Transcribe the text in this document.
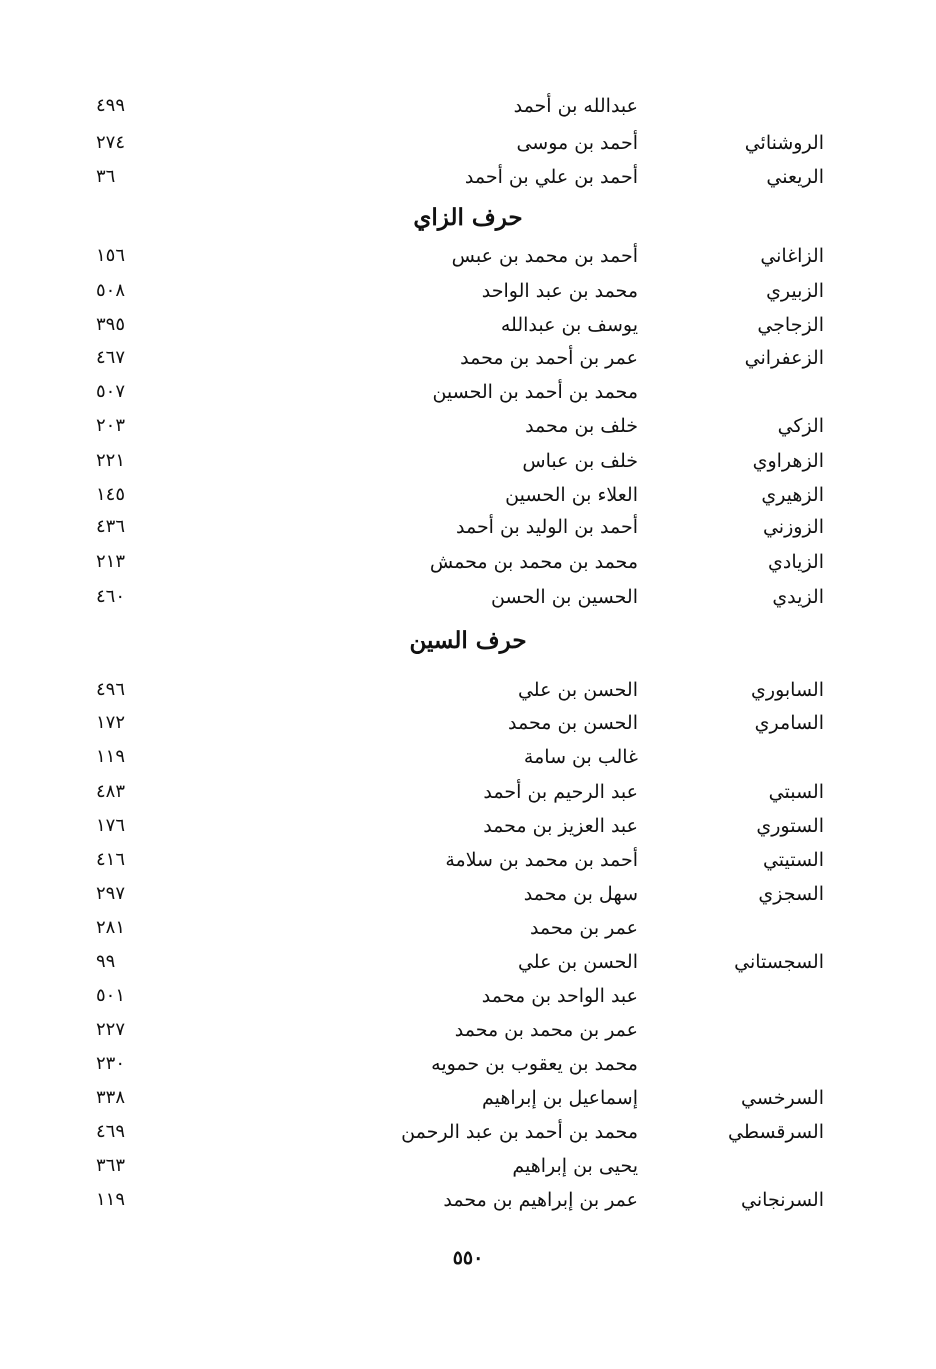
عبدالله بن أحمد
٤٩٩
الروشنائي
أحمد بن موسى
٢٧٤
الريعني
أحمد بن علي بن أحمد
٣٦
حرف الزاي
الزاغاني
أحمد بن محمد بن عبس
١٥٦
الزبيري
محمد بن عبد الواحد
٥٠٨
الزجاجي
يوسف بن عبدالله
٣٩٥
الزعفراني
عمر بن أحمد بن محمد
٤٦٧
محمد بن أحمد بن الحسين
٥٠٧
الزكي
خلف بن محمد
٢٠٣
الزهراوي
خلف بن عباس
٢٢١
الزهيري
العلاء بن الحسين
١٤٥
الزوزني
أحمد بن الوليد بن أحمد
٤٣٦
الزيادي
محمد بن محمد بن محمش
٢١٣
الزيدي
الحسين بن الحسن
٤٦٠
حرف السين
السابوري
الحسن بن علي
٤٩٦
السامري
الحسن بن محمد
١٧٢
غالب بن سامة
١١٩
السبتي
عبد الرحيم بن أحمد
٤٨٣
الستوري
عبد العزيز بن محمد
١٧٦
الستيتي
أحمد بن محمد بن سلامة
٤١٦
السجزي
سهل بن محمد
٢٩٧
عمر بن محمد
٢٨١
السجستاني
الحسن بن علي
٩٩
عبد الواحد بن محمد
٥٠١
عمر بن محمد بن محمد
٢٢٧
محمد بن يعقوب بن حمويه
٢٣٠
السرخسي
إسماعيل بن إبراهيم
٣٣٨
السرقسطي
محمد بن أحمد بن عبد الرحمن
٤٦٩
يحيى بن إبراهيم
٣٦٣
السرنجاني
عمر بن إبراهيم بن محمد
١١٩
٥٥٠
